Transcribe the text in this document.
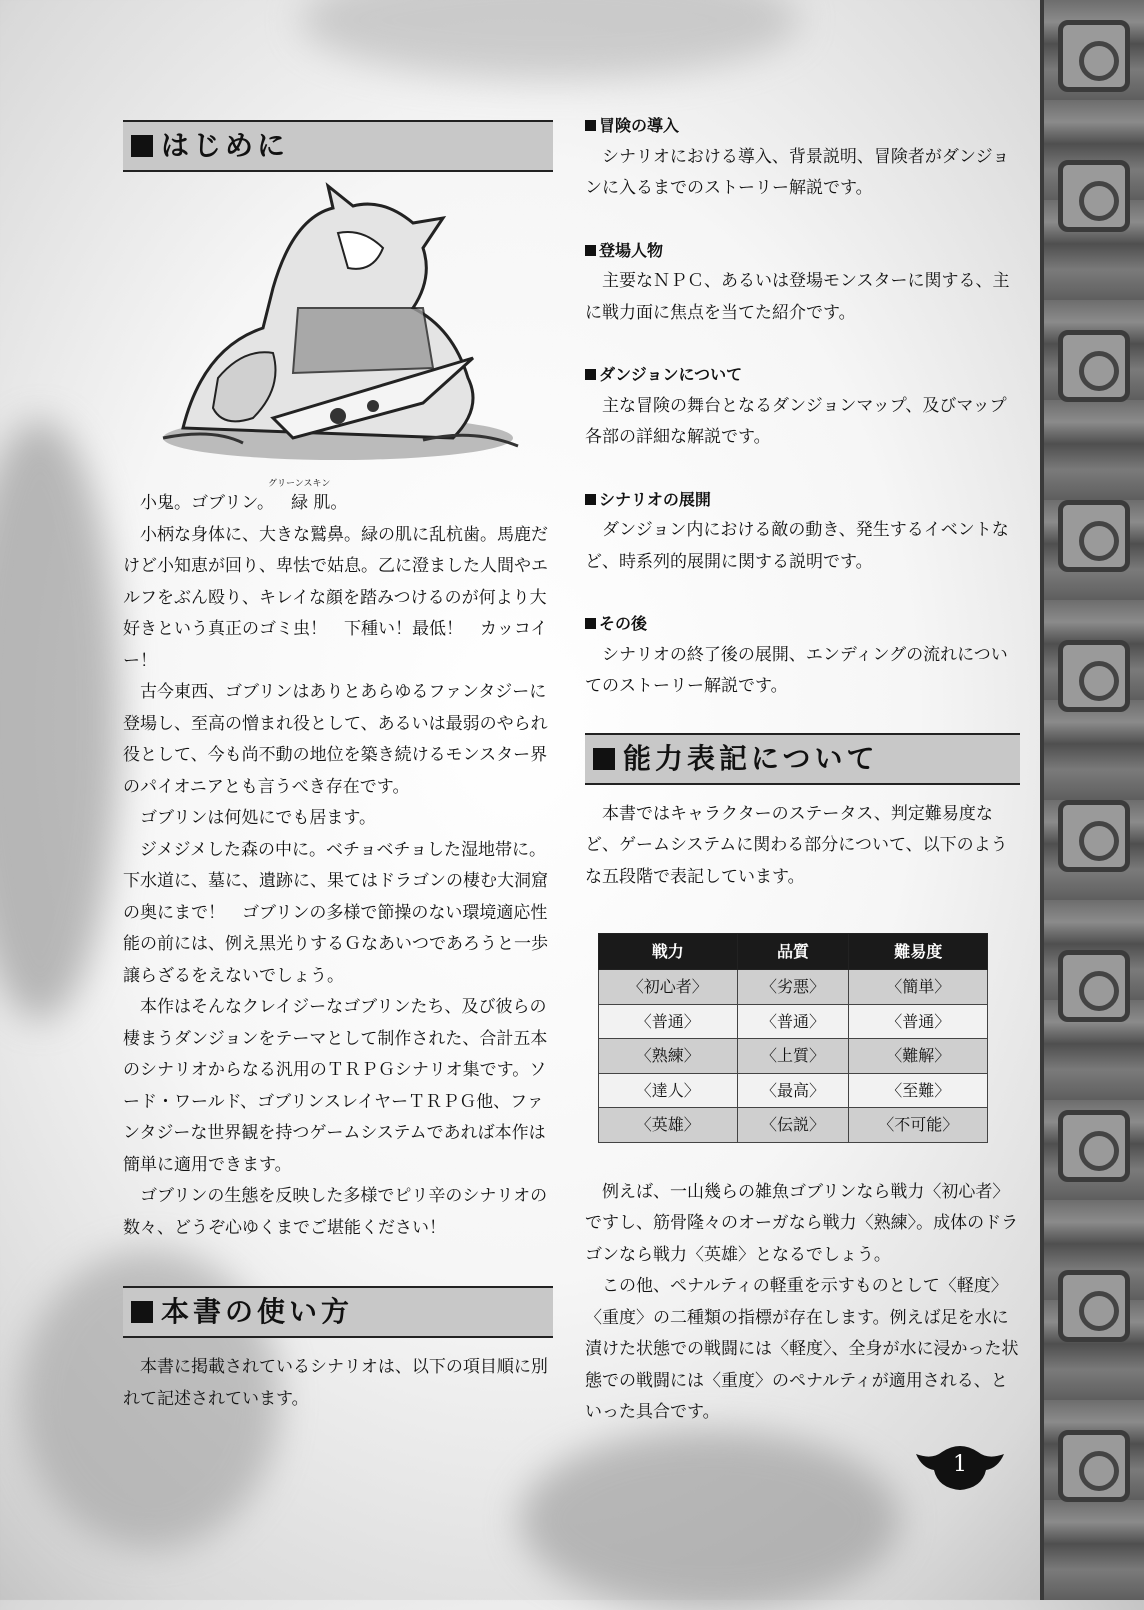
はじめに

小鬼。ゴブリン。 緑 肌
グリーンスキン
。

小柄な身体に、大きな鷲鼻。緑の肌に乱杭歯。馬鹿だけど小知恵が回り、卑怯で姑息。乙に澄ました人間やエルフをぶん殴り、キレイな顔を踏みつけるのが何より大好きという真正のゴミ虫！　下種い！最低！　カッコイー！

古今東西、ゴブリンはありとあらゆるファンタジーに登場し、至高の憎まれ役として、あるいは最弱のやられ役として、今も尚不動の地位を築き続けるモンスター界のパイオニアとも言うべき存在です。

ゴブリンは何処にでも居ます。

ジメジメした森の中に。ベチョベチョした湿地帯に。下水道に、墓に、遺跡に、果てはドラゴンの棲む大洞窟の奥にまで！　ゴブリンの多様で節操のない環境適応性能の前には、例え黒光りするＧなあいつであろうと一歩譲らざるをえないでしょう。

本作はそんなクレイジーなゴブリンたち、及び彼らの棲まうダンジョンをテーマとして制作された、合計五本のシナリオからなる汎用のＴＲＰＧシナリオ集です。ソード・ワールド、ゴブリンスレイヤーＴＲＰＧ他、ファンタジーな世界観を持つゲームシステムであれば本作は簡単に適用できます。

ゴブリンの生態を反映した多様でピリ辛のシナリオの数々、どうぞ心ゆくまでご堪能ください！

本書の使い方

本書に掲載されているシナリオは、以下の項目順に別れて記述されています。

冒険の導入

シナリオにおける導入、背景説明、冒険者がダンジョンに入るまでのストーリー解説です。

登場人物

主要なＮＰＣ、あるいは登場モンスターに関する、主に戦力面に焦点を当てた紹介です。

ダンジョンについて

主な冒険の舞台となるダンジョンマップ、及びマップ各部の詳細な解説です。

シナリオの展開

ダンジョン内における敵の動き、発生するイベントなど、時系列的展開に関する説明です。

その後

シナリオの終了後の展開、エンディングの流れについてのストーリー解説です。

能力表記について

本書ではキャラクターのステータス、判定難易度など、ゲームシステムに関わる部分について、以下のような五段階で表記しています。

戦力	品質	難易度
〈初心者〉	〈劣悪〉	〈簡単〉
〈普通〉	〈普通〉	〈普通〉
〈熟練〉	〈上質〉	〈難解〉
〈達人〉	〈最高〉	〈至難〉
〈英雄〉	〈伝説〉	〈不可能〉

例えば、一山幾らの雑魚ゴブリンなら戦力〈初心者〉ですし、筋骨隆々のオーガなら戦力〈熟練〉。成体のドラゴンなら戦力〈英雄〉となるでしょう。

この他、ペナルティの軽重を示すものとして〈軽度〉〈重度〉の二種類の指標が存在します。例えば足を水に漬けた状態での戦闘には〈軽度〉、全身が水に浸かった状態での戦闘には〈重度〉のペナルティが適用される、といった具合です。

1
